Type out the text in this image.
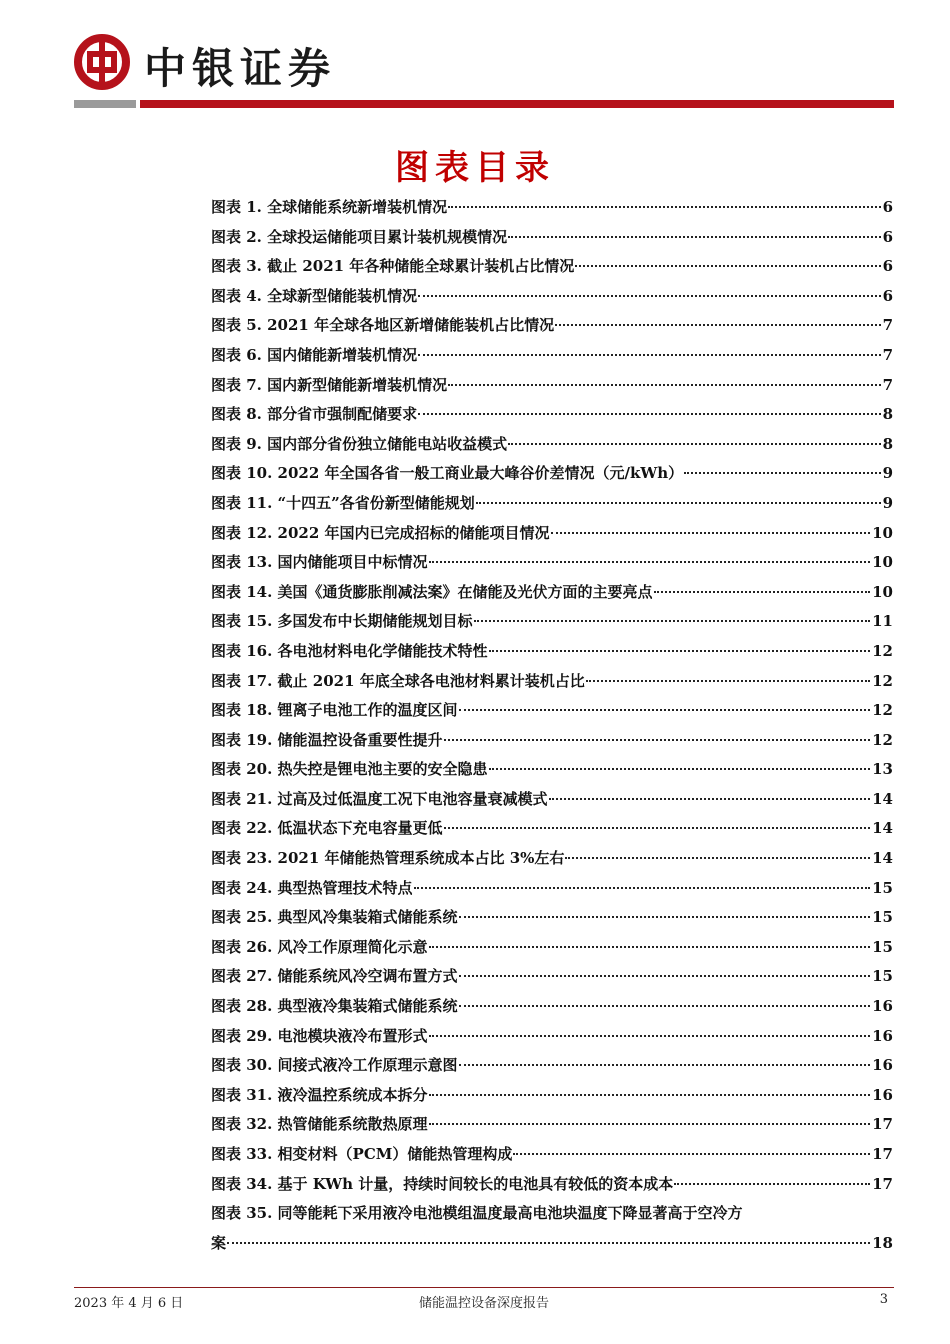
中银证券
图表目录
图表 1. 全球储能系统新增装机情况	6
图表 2. 全球投运储能项目累计装机规模情况	6
图表 3. 截止 2021 年各种储能全球累计装机占比情况	6
图表 4. 全球新型储能装机情况	6
图表 5. 2021 年全球各地区新增储能装机占比情况	7
图表 6. 国内储能新增装机情况	7
图表 7. 国内新型储能新增装机情况	7
图表 8. 部分省市强制配储要求	8
图表 9. 国内部分省份独立储能电站收益模式	8
图表 10. 2022 年全国各省一般工商业最大峰谷价差情况（元/kWh）	9
图表 11. “十四五”各省份新型储能规划	9
图表 12. 2022 年国内已完成招标的储能项目情况	10
图表 13. 国内储能项目中标情况	10
图表 14. 美国《通货膨胀削减法案》在储能及光伏方面的主要亮点	10
图表 15. 多国发布中长期储能规划目标	11
图表 16. 各电池材料电化学储能技术特性	12
图表 17. 截止 2021 年底全球各电池材料累计装机占比	12
图表 18. 锂离子电池工作的温度区间	12
图表 19. 储能温控设备重要性提升	12
图表 20. 热失控是锂电池主要的安全隐患	13
图表 21. 过高及过低温度工况下电池容量衰减模式	14
图表 22. 低温状态下充电容量更低	14
图表 23. 2021 年储能热管理系统成本占比 3%左右	14
图表 24. 典型热管理技术特点	15
图表 25. 典型风冷集装箱式储能系统	15
图表 26. 风冷工作原理简化示意	15
图表 27. 储能系统风冷空调布置方式	15
图表 28. 典型液冷集装箱式储能系统	16
图表 29. 电池模块液冷布置形式	16
图表 30. 间接式液冷工作原理示意图	16
图表 31. 液冷温控系统成本拆分	16
图表 32. 热管储能系统散热原理	17
图表 33. 相变材料（PCM）储能热管理构成	17
图表 34. 基于 KWh 计量，持续时间较长的电池具有较低的资本成本	17
图表 35. 同等能耗下采用液冷电池模组温度最高电池块温度下降显著高于空冷方
案	18
2023 年 4 月 6 日	储能温控设备深度报告	3
